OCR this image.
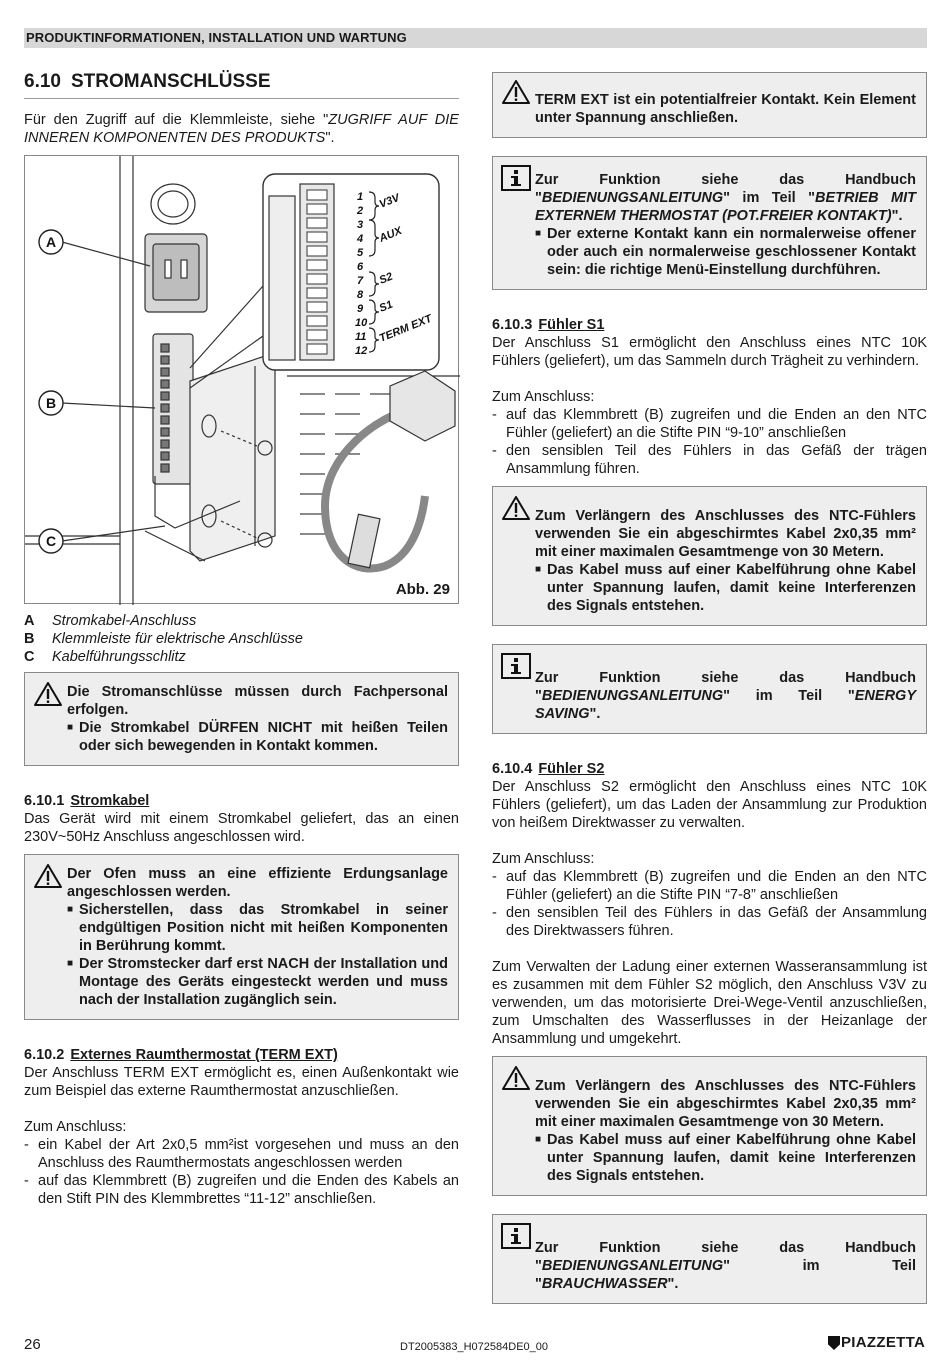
PRODUKTINFORMATIONEN, INSTALLATION UND WARTUNG
6.10 STROMANSCHLÜSSE

Für den Zugriff auf die Klemmleiste, siehe "ZUGRIFF AUF DIE INNEREN KOMPONENTEN DES PRODUKTS".

1
2
3
4
5
6
7
8
9
10
11
12
V3V
AUX
S2
S1
TERM EXT
A
B
C
Abb. 29
A	Stromkabel-Anschluss
B	Klemmleiste für elektrische Anschlüsse
C	Kabelführungsschlitz
Die Stromanschlüsse müssen durch Fachpersonal erfolgen.
■ Die Stromkabel DÜRFEN NICHT mit heißen Teilen oder sich bewegenden in Kontakt kommen.
6.10.1 Stromkabel

Das Gerät wird mit einem Stromkabel geliefert, das an einen 230V~50Hz Anschluss angeschlossen wird.

Der Ofen muss an eine effiziente Erdungsanlage angeschlossen werden.
■ Sicherstellen, dass das Stromkabel in seiner endgültigen Position nicht mit heißen Komponenten in Berührung kommt.
■ Der Stromstecker darf erst NACH der Installation und Montage des Geräts eingesteckt werden und muss nach der Installation zugänglich sein.
6.10.2 Externes Raumthermostat (TERM EXT)

Der Anschluss TERM EXT ermöglicht es, einen Außenkontakt wie zum Beispiel das externe Raumthermostat anzuschließen.

Zum Anschluss:

- ein Kabel der Art 2x0,5 mm²ist vorgesehen und muss an den Anschluss des Raumthermostats angeschlossen werden
- auf das Klemmbrett (B) zugreifen und die Enden des Kabels an den Stift PIN des Klemmbrettes “11-12” anschließen.
TERM EXT ist ein potentialfreier Kontakt. Kein Element unter Spannung anschließen.
Zur Funktion siehe das Handbuch "BEDIENUNGSANLEITUNG" im Teil "BETRIEB MIT EXTERNEM THERMOSTAT (POT.FREIER KONTAKT)".
■ Der externe Kontakt kann ein normalerweise offener oder auch ein normalerweise geschlossener Kontakt sein: die richtige Menü-Einstellung durchführen.
6.10.3 Fühler S1

Der Anschluss S1 ermöglicht den Anschluss eines NTC 10K Fühlers (geliefert), um das Sammeln durch Trägheit zu verhindern.

Zum Anschluss:

- auf das Klemmbrett (B) zugreifen und die Enden an den NTC Fühler (geliefert) an die Stifte PIN “9-10” anschließen
- den sensiblen Teil des Fühlers in das Gefäß der trägen Ansammlung führen.
Zum Verlängern des Anschlusses des NTC-Fühlers verwenden Sie ein abgeschirmtes Kabel 2x0,35 mm² mit einer maximalen Gesamtmenge von 30 Metern.
■ Das Kabel muss auf einer Kabelführung ohne Kabel unter Spannung laufen, damit keine Interferenzen des Signals entstehen.
Zur Funktion siehe das Handbuch "BEDIENUNGSANLEITUNG" im Teil "ENERGY SAVING".
6.10.4 Fühler S2

Der Anschluss S2 ermöglicht den Anschluss eines NTC 10K Fühlers (geliefert), um das Laden der Ansammlung zur Produktion von heißem Direktwasser zu verwalten.

Zum Anschluss:

- auf das Klemmbrett (B) zugreifen und die Enden an den NTC Fühler (geliefert) an die Stifte PIN “7-8” anschließen
- den sensiblen Teil des Fühlers in das Gefäß der Ansammlung des Direktwassers führen.

Zum Verwalten der Ladung einer externen Wasseransammlung ist es zusammen mit dem Fühler S2 möglich, den Anschluss V3V zu verwenden, um das motorisierte Drei-Wege-Ventil anzuschließen, zum Umschalten des Wasserflusses in der Heizanlage der Ansammlung und umgekehrt.

Zum Verlängern des Anschlusses des NTC-Fühlers verwenden Sie ein abgeschirmtes Kabel 2x0,35 mm² mit einer maximalen Gesamtmenge von 30 Metern.
■ Das Kabel muss auf einer Kabelführung ohne Kabel unter Spannung laufen, damit keine Interferenzen des Signals entstehen.
Zur Funktion siehe das Handbuch "BEDIENUNGSANLEITUNG" im Teil "BRAUCHWASSER".
26	DT2005383_H072584DE0_00	PIAZZETTA
